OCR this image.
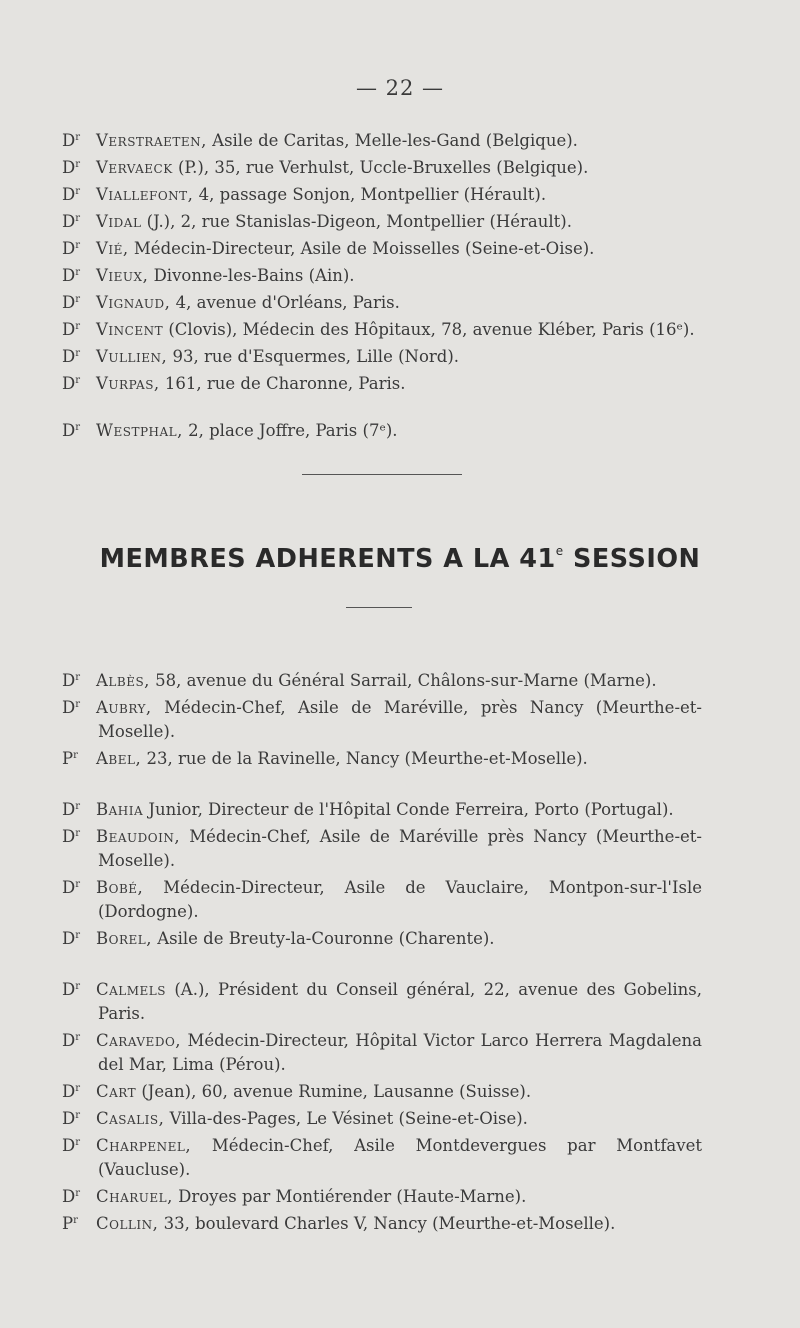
— 22 —
$D^r$ Verstraeten, Asile de Caritas, Melle-les-Gand (Belgique).
$D^r$ Vervaeck (P.), 35, rue Verhulst, Uccle-Bruxelles (Belgique).
$D^r$ Viallefont, 4, passage Sonjon, Montpellier (Hérault).
$D^r$ Vidal (J.), 2, rue Stanislas-Digeon, Montpellier (Hérault).
$D^r$ Vié, Médecin-Directeur, Asile de Moisselles (Seine-et-Oise).
$D^r$ Vieux, Divonne-les-Bains (Ain).
$D^r$ Vignaud, 4, avenue d'Orléans, Paris.
$D^r$ Vincent (Clovis), Médecin des Hôpitaux, 78, avenue Kléber, Paris (16ᵉ).
$D^r$ Vullien, 93, rue d'Esquermes, Lille (Nord).
$D^r$ Vurpas, 161, rue de Charonne, Paris.
$D^r$ Westphal, 2, place Joffre, Paris (7ᵉ).
MEMBRES ADHERENTS A LA 41e SESSION
$D^r$ Albès, 58, avenue du Général Sarrail, Châlons-sur-Marne (Marne).
$D^r$ Aubry, Médecin-Chef, Asile de Maréville, près Nancy (Meurthe-et-Moselle).
$P^r$ Abel, 23, rue de la Ravinelle, Nancy (Meurthe-et-Moselle).
$D^r$ Bahia Junior, Directeur de l'Hôpital Conde Ferreira, Porto (Portugal).
$D^r$ Beaudoin, Médecin-Chef, Asile de Maréville près Nancy (Meurthe-et-Moselle).
$D^r$ Bobé, Médecin-Directeur, Asile de Vauclaire, Montpon-sur-l'Isle (Dordogne).
$D^r$ Borel, Asile de Breuty-la-Couronne (Charente).
$D^r$ Calmels (A.), Président du Conseil général, 22, avenue des Gobelins, Paris.
$D^r$ Caravedo, Médecin-Directeur, Hôpital Victor Larco Herrera Magdalena del Mar, Lima (Pérou).
$D^r$ Cart (Jean), 60, avenue Rumine, Lausanne (Suisse).
$D^r$ Casalis, Villa-des-Pages, Le Vésinet (Seine-et-Oise).
$D^r$ Charpenel, Médecin-Chef, Asile Montdevergues par Montfavet (Vaucluse).
$D^r$ Charuel, Droyes par Montiérender (Haute-Marne).
$P^r$ Collin, 33, boulevard Charles V, Nancy (Meurthe-et-Moselle).
